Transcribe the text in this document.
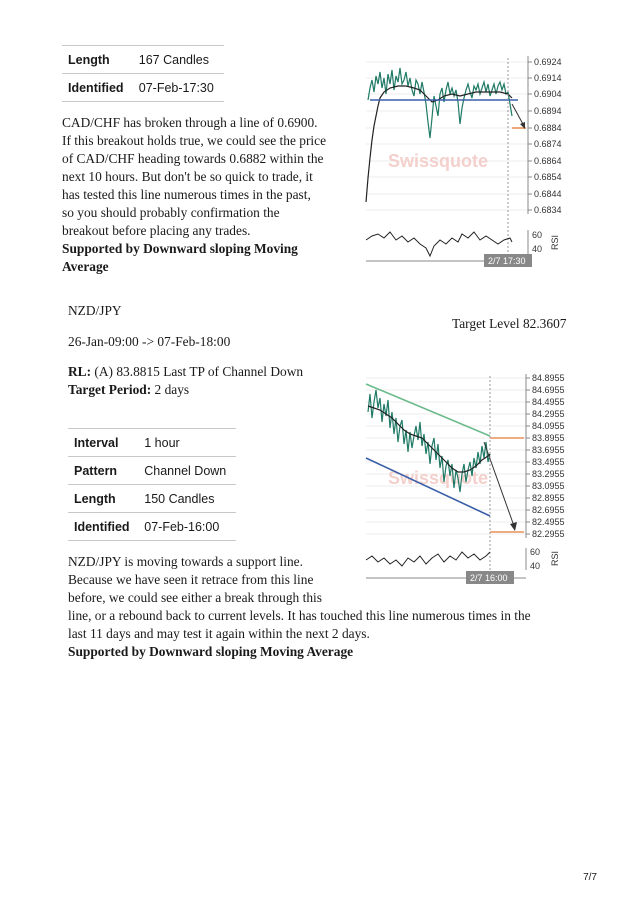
Length	167 Candles
Identified	07-Feb-17:30
CAD/CHF has broken through a line of 0.6900.
If this breakout holds true, we could see the price
of CAD/CHF heading towards 0.6882 within the
next 10 hours. But don't be so quick to trade, it
has tested this line numerous times in the past,
so you should probably confirmation the
breakout before placing any trades.
Supported by Downward sloping Moving
Average
Swissquote
0.6924
0.6914
0.6904
0.6894
0.6884
0.6874
0.6864
0.6854
0.6844
0.6834
60
40 RSI
2/7 17:30
NZD/JPY
Target Level 82.3607
26-Jan-09:00 -> 07-Feb-18:00
RL: (A) 83.8815 Last TP of Channel Down
Target Period: 2 days
Interval	1 hour
Pattern	Channel Down
Length	150 Candles
Identified	07-Feb-16:00
NZD/JPY is moving towards a support line.
Because we have seen it retrace from this line
before, we could see either a break through this
line, or a rebound back to current levels. It has touched this line numerous times in the
last 11 days and may test it again within the next 2 days.
Supported by Downward sloping Moving Average
Swissquote
84.8955
84.6955
84.4955
84.2955
84.0955
83.8955
83.6955
83.4955
83.2955
83.0955
82.8955
82.6955
82.4955
82.2955
60
40 RSI
2/7 16:00
7/7
